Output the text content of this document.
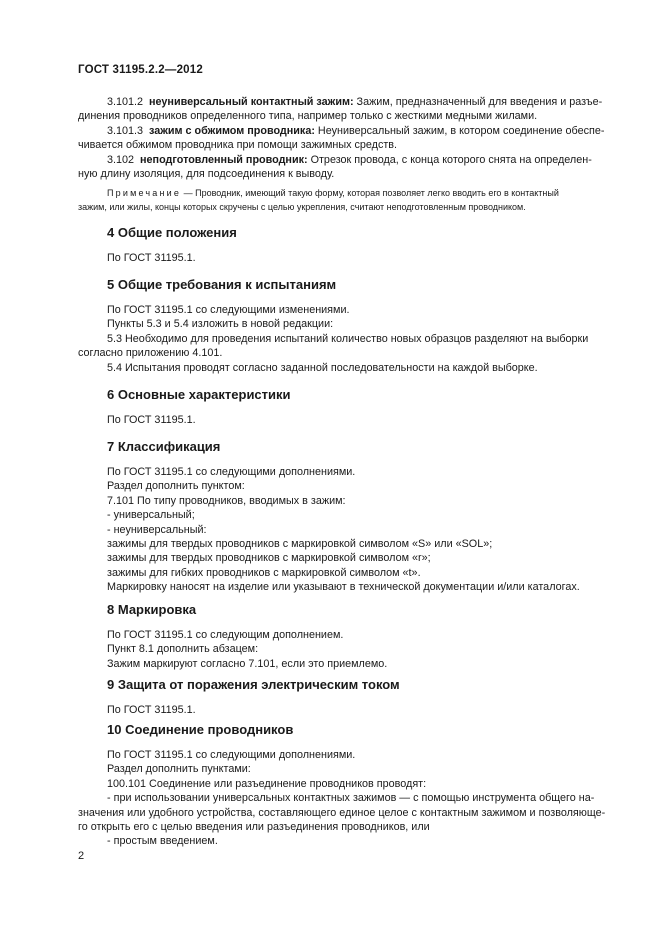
ГОСТ 31195.2.2—2012

3.101.2 неуниверсальный контактный зажим: Зажим, предназначенный для введения и разъе-

динения проводников определенного типа, например только с жесткими медными жилами.

3.101.3 зажим с обжимом проводника: Неуниверсальный зажим, в котором соединение обеспе-

чивается обжимом проводника при помощи зажимных средств.

3.102 неподготовленный проводник: Отрезок провода, с конца которого снята на определен-

ную длину изоляция, для подсоединения к выводу.

Примечание — Проводник, имеющий такую форму, которая позволяет легко вводить его в контактный

зажим, или жилы, концы которых скручены с целью укрепления, считают неподготовленным проводником.

4 Общие положения

По ГОСТ 31195.1.

5 Общие требования к испытаниям

По ГОСТ 31195.1 со следующими изменениями.

Пункты 5.3 и 5.4 изложить в новой редакции:

5.3 Необходимо для проведения испытаний количество новых образцов разделяют на выборки

согласно приложению 4.101.

5.4 Испытания проводят согласно заданной последовательности на каждой выборке.

6 Основные характеристики

По ГОСТ 31195.1.

7 Классификация

По ГОСТ 31195.1 со следующими дополнениями.

Раздел дополнить пунктом:

7.101 По типу проводников, вводимых в зажим:

- универсальный;

- неуниверсальный:

зажимы для твердых проводников с маркировкой символом «S» или «SOL»;

зажимы для твердых проводников с маркировкой символом «r»;

зажимы для гибких проводников с маркировкой символом «t».

Маркировку наносят на изделие или указывают в технической документации и/или каталогах.

8 Маркировка

По ГОСТ 31195.1 со следующим дополнением.

Пункт 8.1 дополнить абзацем:

Зажим маркируют согласно 7.101, если это приемлемо.

9 Защита от поражения электрическим током

По ГОСТ 31195.1.

10 Соединение проводников

По ГОСТ 31195.1 со следующими дополнениями.

Раздел дополнить пунктами:

100.101 Соединение или разъединение проводников проводят:

- при использовании универсальных контактных зажимов — с помощью инструмента общего на-

значения или удобного устройства, составляющего единое целое с контактным зажимом и позволяюще-

го открыть его с целью введения или разъединения проводников, или

- простым введением.

2
